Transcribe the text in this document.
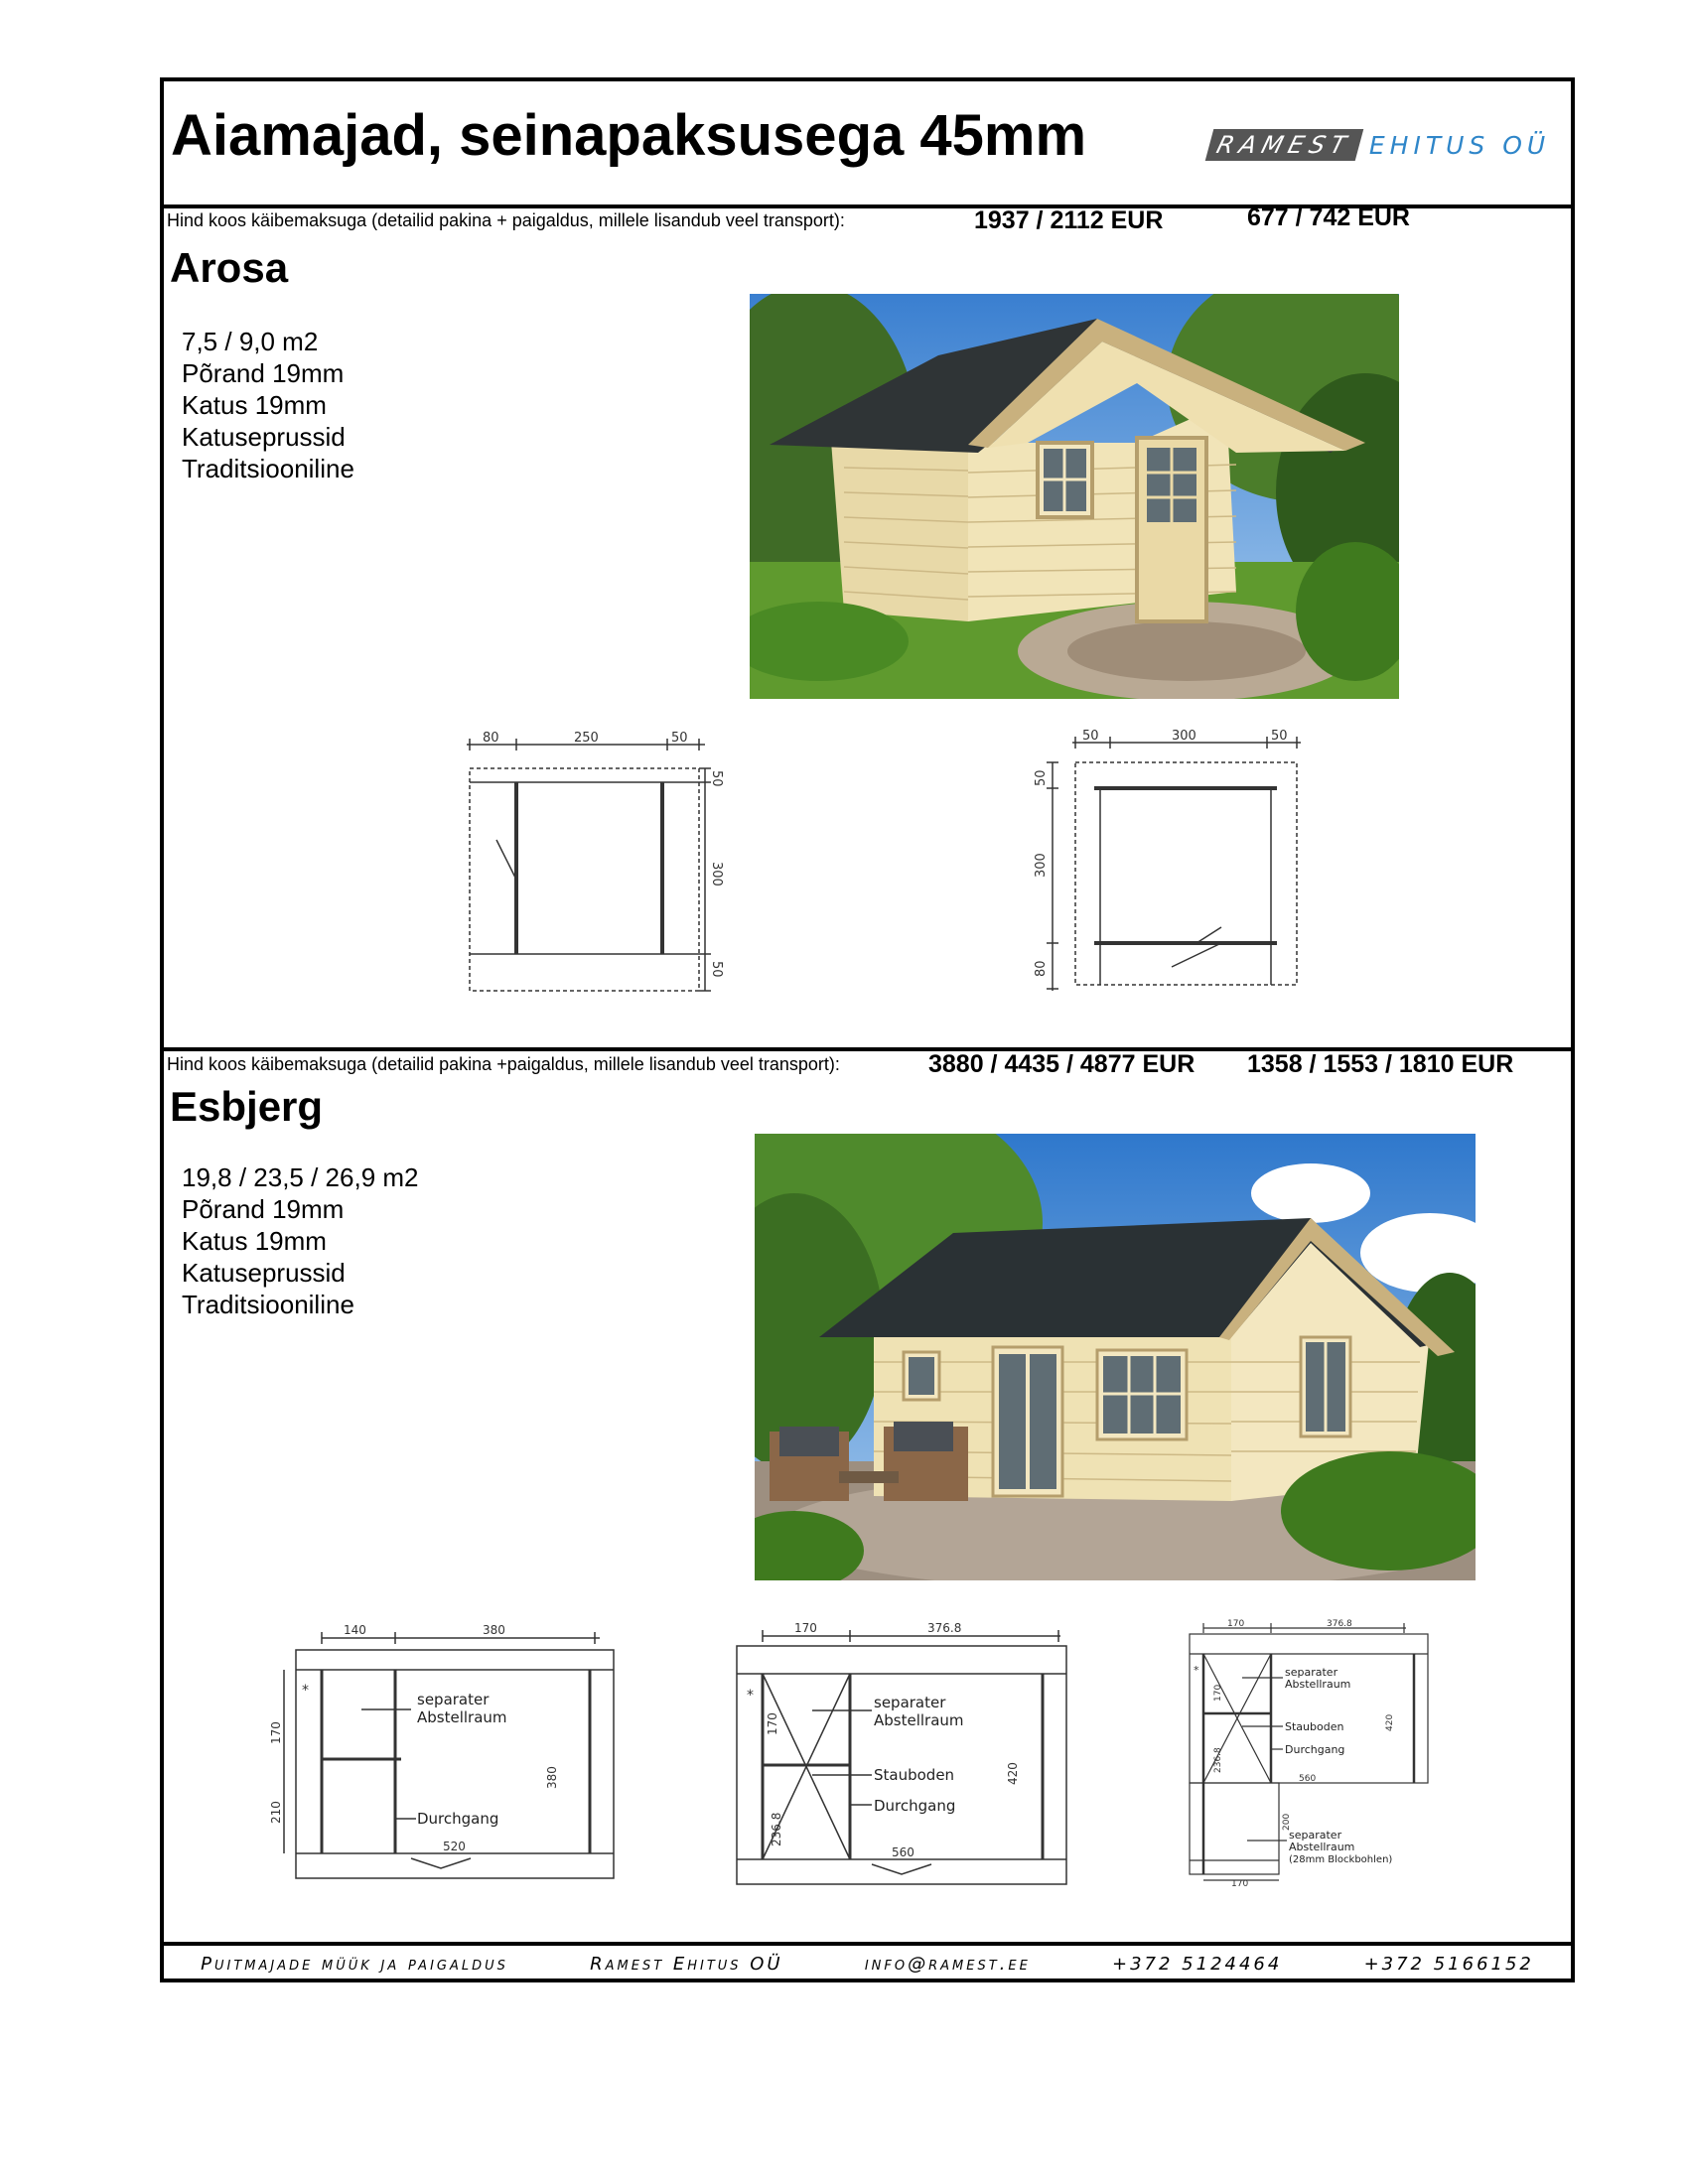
Aiamajad, seinapaksusega 45mm	RAMEST EHITUS OÜ
Hind koos käibemaksuga (detailid pakina + paigaldus, millele lisandub veel transport):	1937 / 2112 EUR	677 / 742 EUR
Arosa
7,5 / 9,0 m2
Põrand 19mm
Katus 19mm
Katuseprussid
Traditsiooniline
80	250	50
50
300
50
50	300	50
50
300
80
Hind koos käibemaksuga (detailid pakina +paigaldus, millele lisandub veel transport):	3880 / 4435 / 4877 EUR 1358 / 1553 / 1810 EUR
Esbjerg
19,8 / 23,5 / 26,9 m2
Põrand 19mm
Katus 19mm
Katuseprussid
Traditsiooniline
*
170
210
140	380
380
520
separater
Abstellraum
Durchgang
*
170
236.8
170	376.8
420
560
separater
Abstellraum
Stauboden
Durchgang
*
170	376.8
170
236.8
420
560
200
170
separater
Abstellraum
Stauboden
Durchgang
separater
Abstellraum
(28mm Blockbohlen)
Puitmajade müük ja paigaldus	Ramest Ehitus OÜ	info@ramest.ee	+372 5124464	+372 5166152
